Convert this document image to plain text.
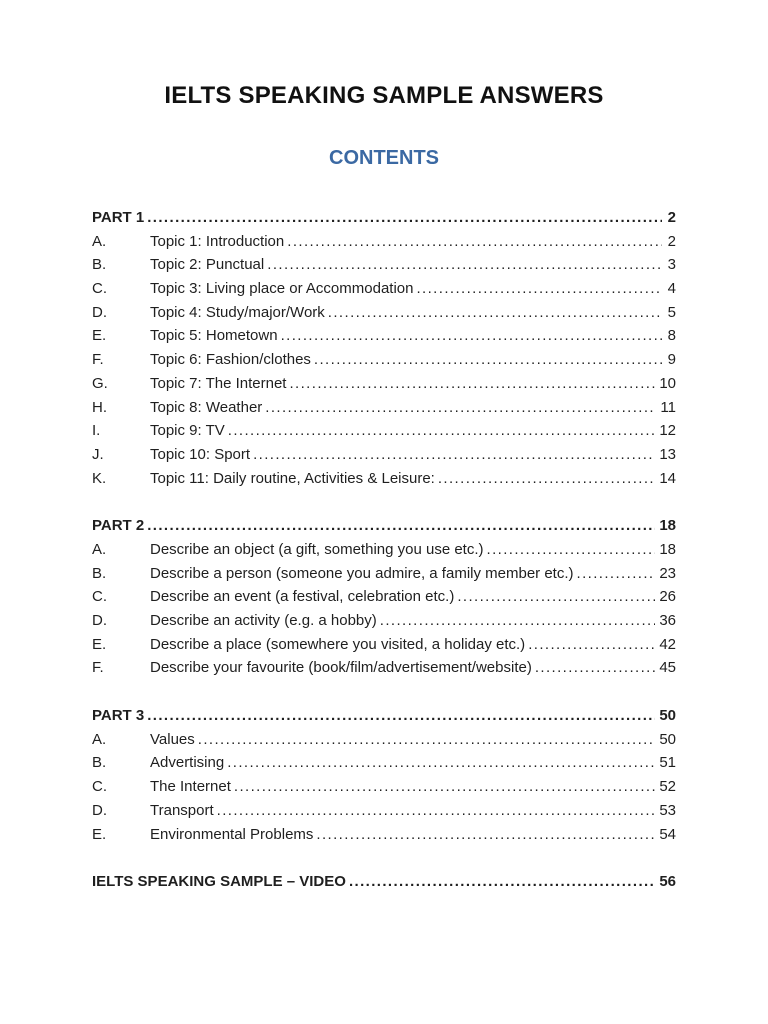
IELTS SPEAKING SAMPLE ANSWERS
CONTENTS
PART 1 .....	2
A.	Topic 1: Introduction .....	2
B.	Topic 2: Punctual .....	3
C.	Topic 3: Living place or Accommodation .....	4
D.	Topic 4: Study/major/Work .....	5
E.	Topic 5: Hometown .....	8
F.	Topic 6: Fashion/clothes .....	9
G.	Topic 7: The Internet .....	10
H.	Topic 8: Weather .....	11
I.	Topic 9: TV .....	12
J.	Topic 10: Sport .....	13
K.	Topic 11: Daily routine, Activities & Leisure: .....	14
PART 2 .....	18
A.	Describe an object (a gift, something you use etc.) .....	18
B.	Describe a person (someone you admire, a family member etc.) .....	23
C.	Describe an event (a festival, celebration etc.) .....	26
D.	Describe an activity (e.g. a hobby) .....	36
E.	Describe a place (somewhere you visited, a holiday etc.) .....	42
F.	Describe your favourite (book/film/advertisement/website) .....	45
PART 3 .....	50
A.	Values .....	50
B.	Advertising .....	51
C.	The Internet .....	52
D.	Transport .....	53
E.	Environmental Problems .....	54
IELTS SPEAKING SAMPLE – VIDEO .....	56
